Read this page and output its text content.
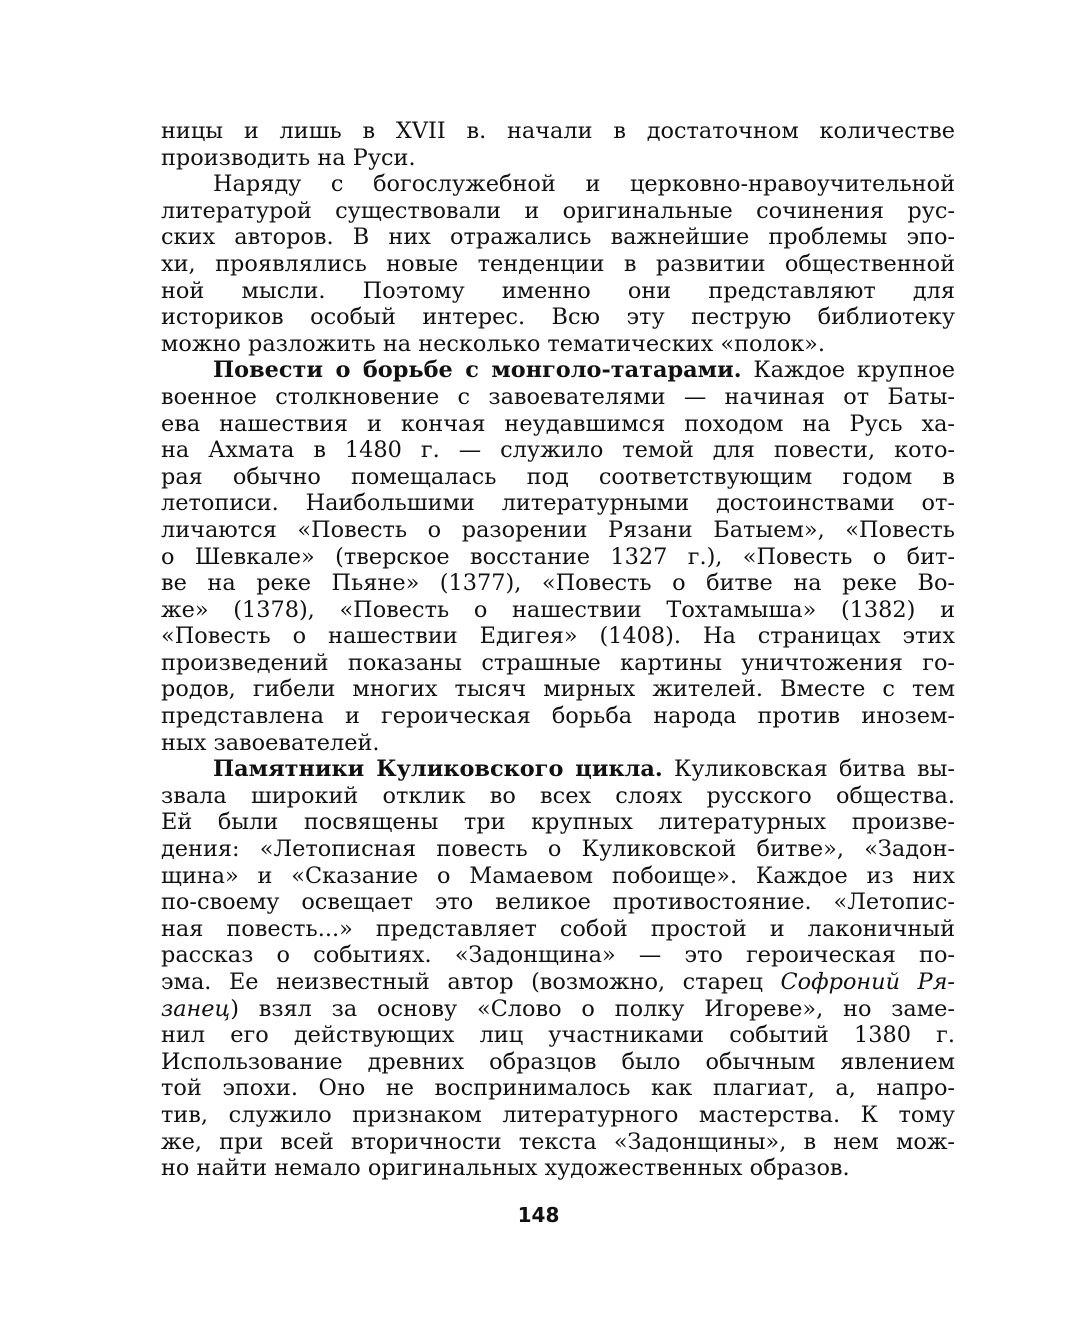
ницы и лишь в XVII в. начали в достаточном количестве
производить на Руси.
Наряду с богослужебной и церковно-нравоучительной
литературой существовали и оригинальные сочинения рус-
ских авторов. В них отражались важнейшие проблемы эпо-
хи, проявлялись новые тенденции в развитии общественной
ной мысли. Поэтому именно они представляют для
историков особый интерес. Всю эту пеструю библиотеку
можно разложить на несколько тематических «полок».
Повести о борьбе с монголо-татарами. Каждое крупное
военное столкновение с завоевателями — начиная от Баты-
ева нашествия и кончая неудавшимся походом на Русь ха-
на Ахмата в 1480 г. — служило темой для повести, кото-
рая обычно помещалась под соответствующим годом в
летописи. Наибольшими литературными достоинствами от-
личаются «Повесть о разорении Рязани Батыем», «Повесть
о Шевкале» (тверское восстание 1327 г.), «Повесть о бит-
ве на реке Пьяне» (1377), «Повесть о битве на реке Во-
же» (1378), «Повесть о нашествии Тохтамыша» (1382) и
«Повесть о нашествии Едигея» (1408). На страницах этих
произведений показаны страшные картины уничтожения го-
родов, гибели многих тысяч мирных жителей. Вместе с тем
представлена и героическая борьба народа против инозем-
ных завоевателей.
Памятники Куликовского цикла. Куликовская битва вы-
звала широкий отклик во всех слоях русского общества.
Ей были посвящены три крупных литературных произве-
дения: «Летописная повесть о Куликовской битве», «Задон-
щина» и «Сказание о Мамаевом побоище». Каждое из них
по-своему освещает это великое противостояние. «Летопис-
ная повесть...» представляет собой простой и лаконичный
рассказ о событиях. «Задонщина» — это героическая по-
эма. Ее неизвестный автор (возможно, старец Софроний Ря-
занец) взял за основу «Слово о полку Игореве», но заме-
нил его действующих лиц участниками событий 1380 г.
Использование древних образцов было обычным явлением
той эпохи. Оно не воспринималось как плагиат, а, напро-
тив, служило признаком литературного мастерства. К тому
же, при всей вторичности текста «Задонщины», в нем мож-
но найти немало оригинальных художественных образов.
148
